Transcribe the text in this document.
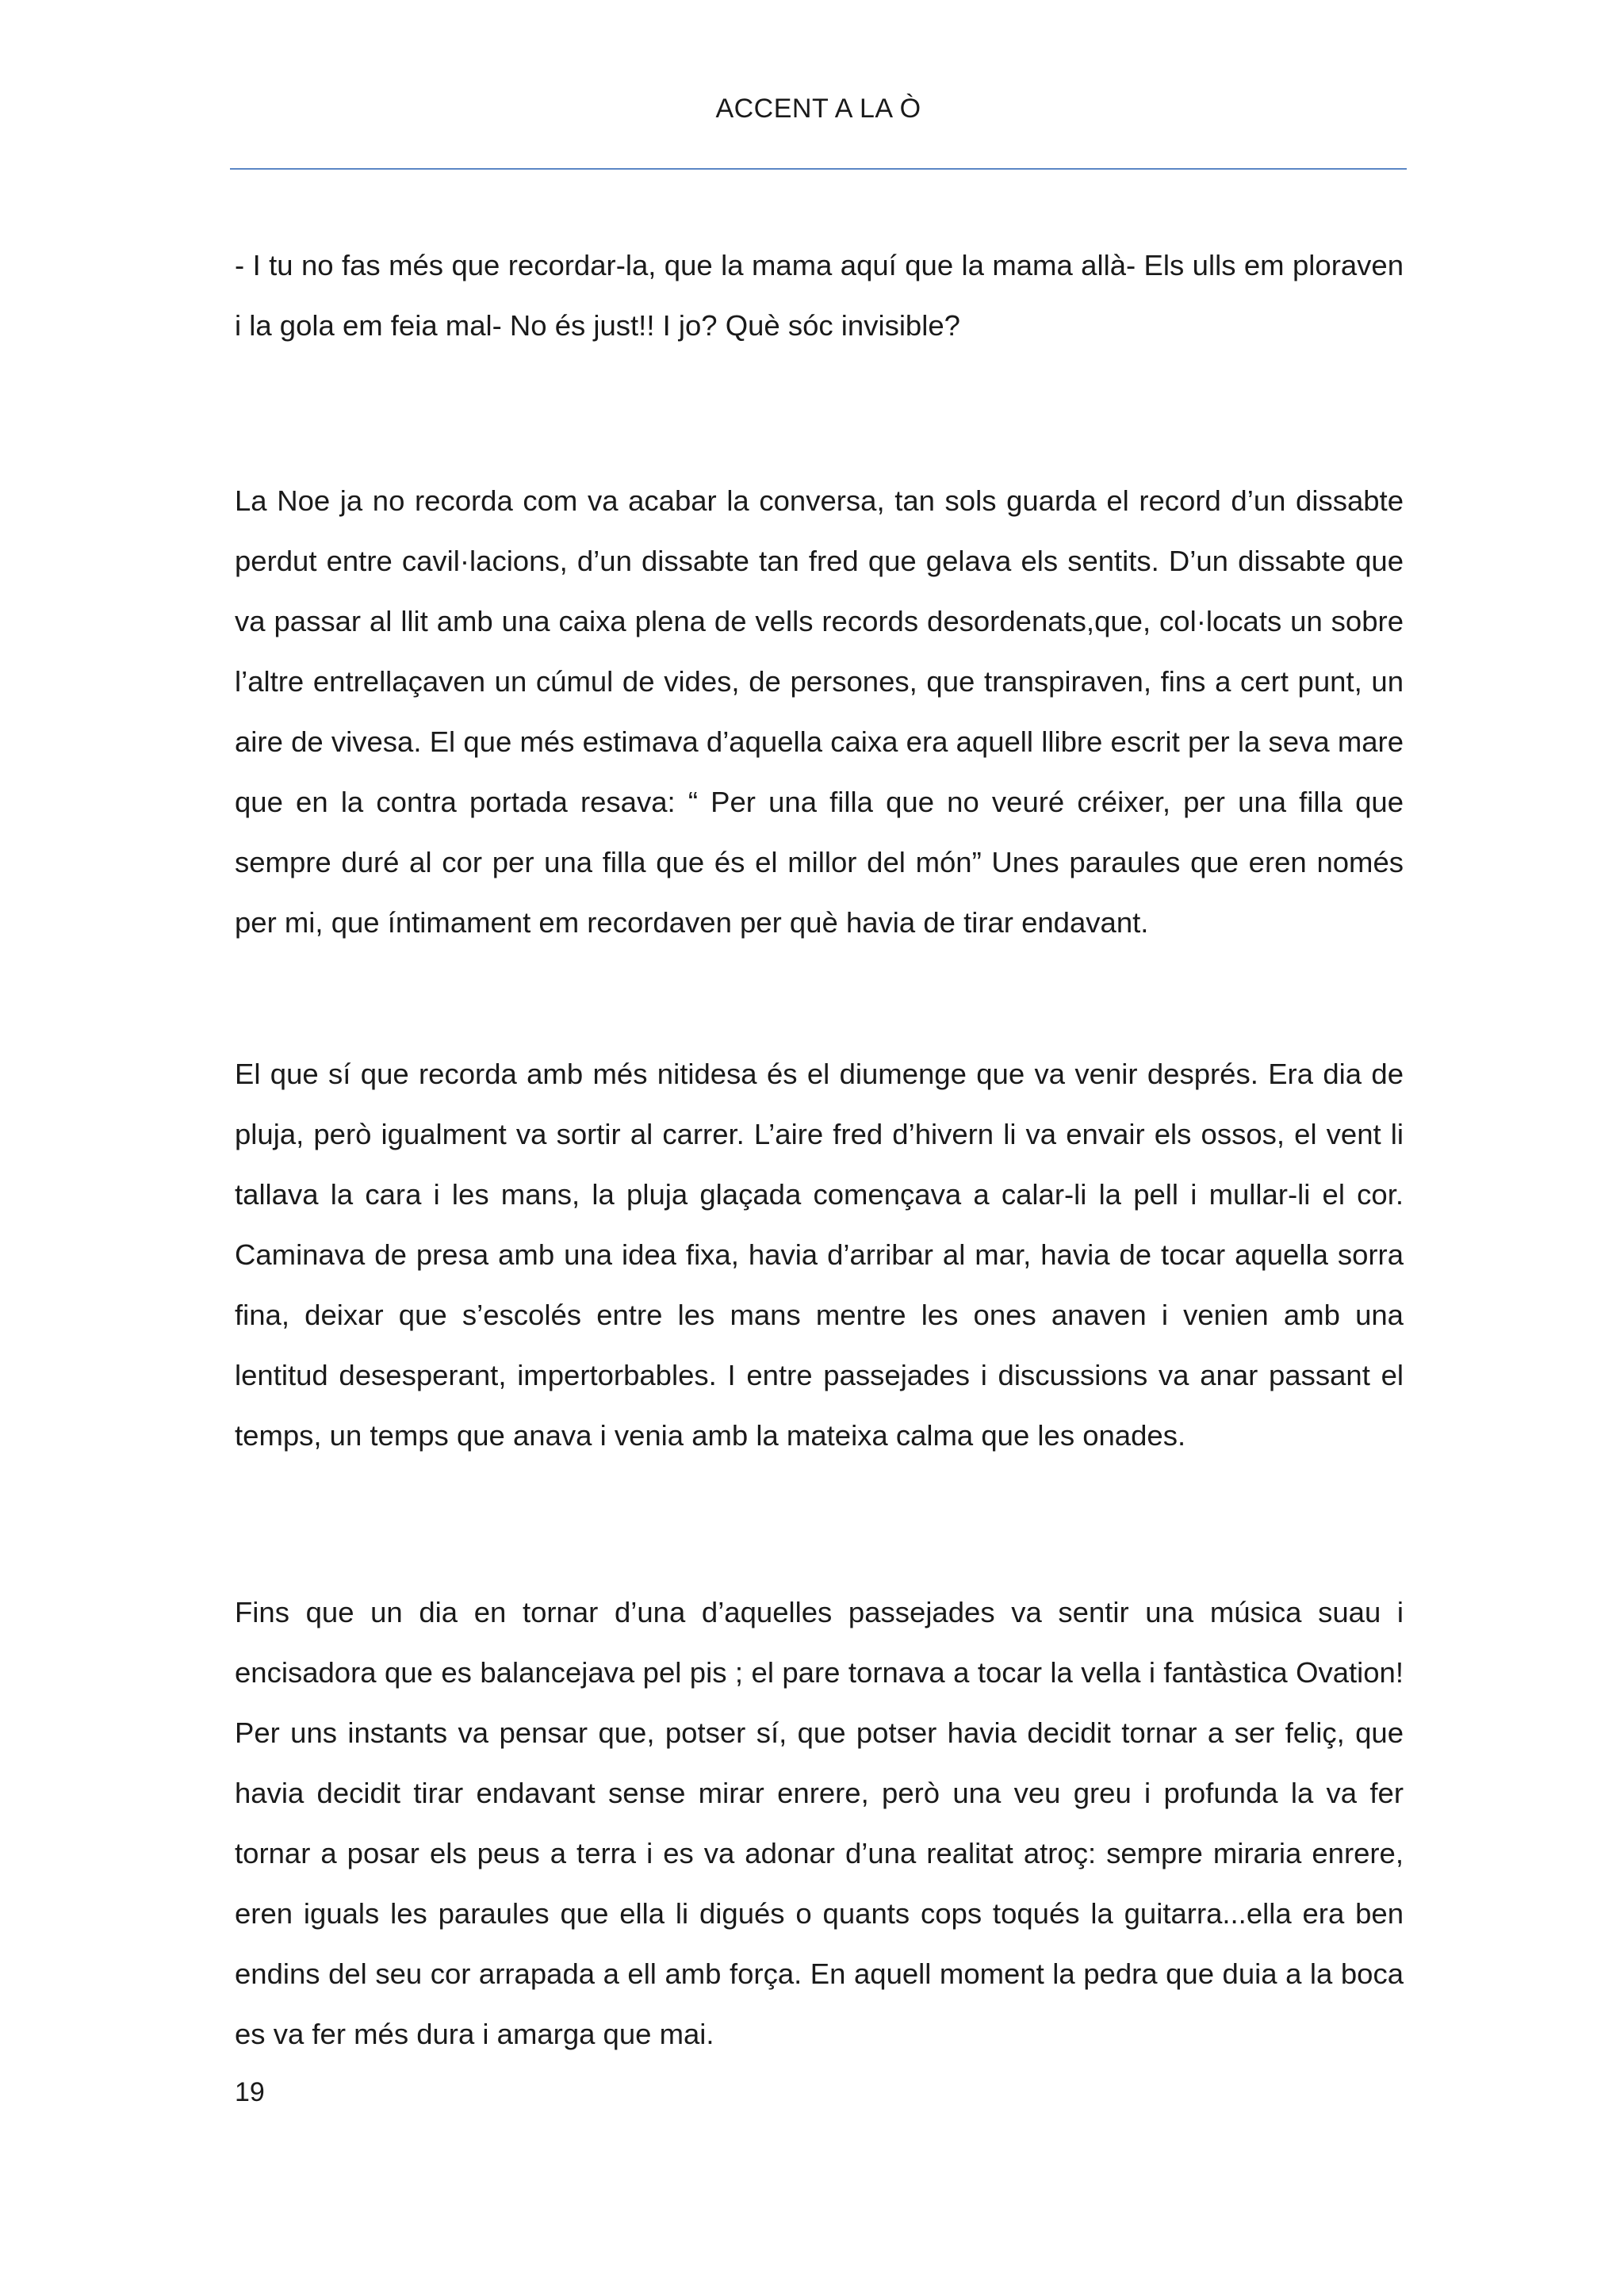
ACCENT A LA Ò

- I tu no fas més que recordar-la, que la mama aquí que la mama allà- Els ulls em ploraven i la gola em feia mal- No és just!! I jo? Què sóc invisible?

La Noe ja no recorda com va acabar la conversa, tan sols guarda el record d’un dissabte perdut entre cavil·lacions, d’un dissabte tan fred que gelava els sentits. D’un dissabte que va passar al llit amb una caixa plena de vells records desordenats,que, col·locats un sobre l’altre entrellaçaven un cúmul de vides, de persones, que transpiraven, fins a cert punt, un aire de vivesa. El que més estimava d’aquella caixa era aquell llibre escrit per la seva mare que en la contra portada resava: “ Per una filla que no veuré créixer, per una filla que sempre duré al cor per una filla que és el millor del món” Unes paraules que eren només per mi, que íntimament em recordaven per què havia de tirar endavant.

El que sí que recorda amb més nitidesa és el diumenge que va venir després. Era dia de pluja, però igualment va sortir al carrer. L’aire fred d’hivern li va envair els ossos, el vent li tallava la cara i les mans, la pluja glaçada començava a calar-li la pell i mullar-li el cor. Caminava de presa amb una idea fixa, havia d’arribar al mar, havia de tocar aquella sorra fina, deixar que s’escolés entre les mans mentre les ones anaven i venien amb una lentitud desesperant, impertorbables. I entre passejades i discussions va anar passant el temps, un temps que anava i venia amb la mateixa calma que les onades.

Fins que un dia en tornar d’una d’aquelles passejades va sentir una música suau i encisadora que es balancejava pel pis ; el pare tornava a tocar la vella i fantàstica Ovation! Per uns instants va pensar que, potser sí, que potser havia decidit tornar a ser feliç, que havia decidit tirar endavant sense mirar enrere, però una veu greu i profunda la va fer tornar a posar els peus a terra i es va adonar d’una realitat atroç: sempre miraria enrere, eren iguals les paraules que ella li digués o quants cops toqués la guitarra...ella era ben endins del seu cor arrapada a ell amb força. En aquell moment la pedra que duia a la boca es va fer més dura i amarga que mai.

19
